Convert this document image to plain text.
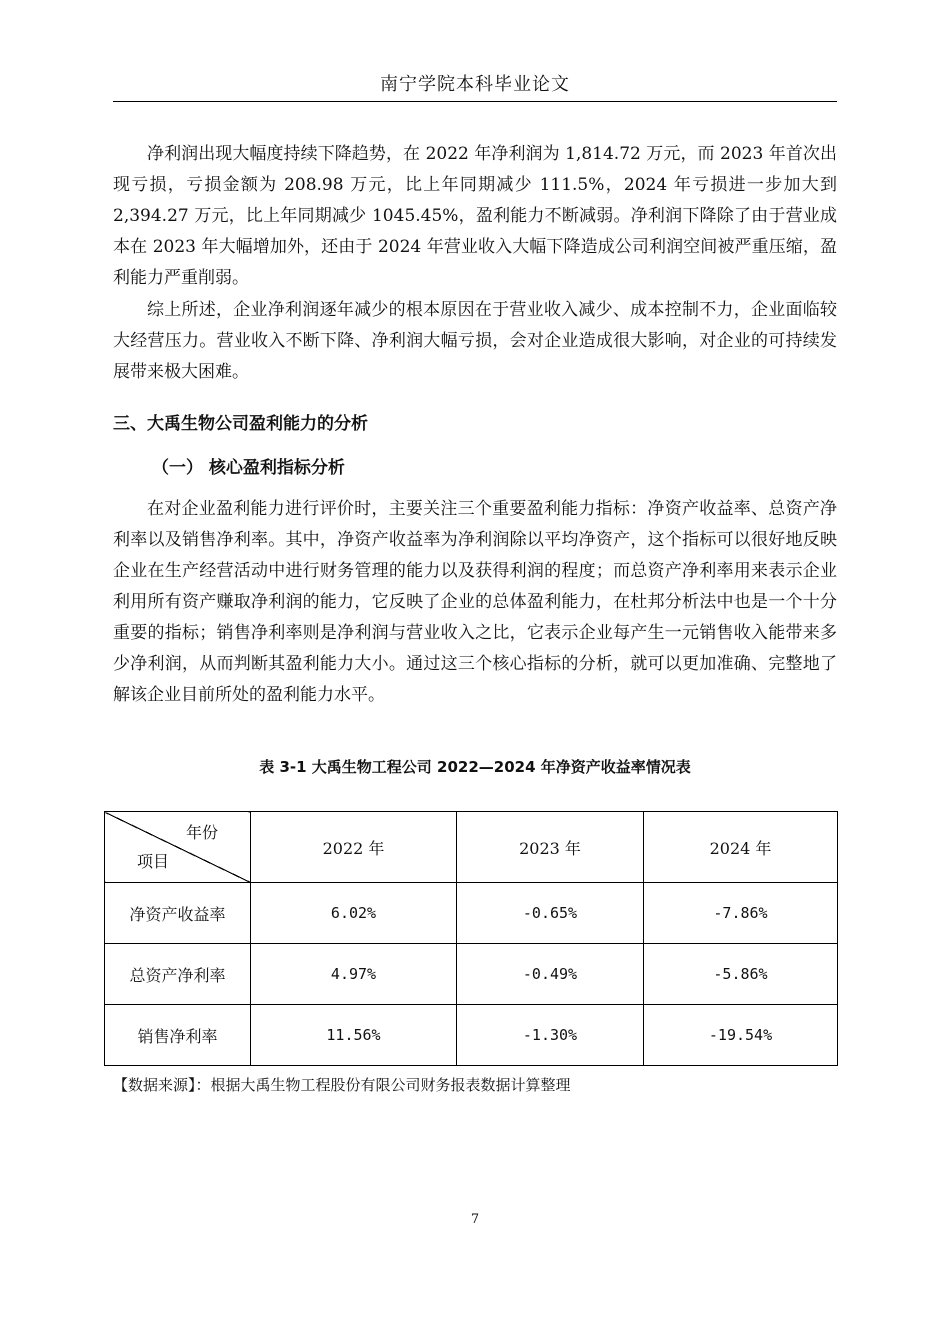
南宁学院本科毕业论文

净利润出现大幅度持续下降趋势，在 2022 年净利润为 1,814.72 万元，而 2023 年首次出现亏损，亏损金额为 208.98 万元，比上年同期减少 111.5%，2024 年亏损进一步加大到 2,394.27 万元，比上年同期减少 1045.45%，盈利能力不断减弱。净利润下降除了由于营业成本在 2023 年大幅增加外，还由于 2024 年营业收入大幅下降造成公司利润空间被严重压缩，盈利能力严重削弱。

综上所述，企业净利润逐年减少的根本原因在于营业收入减少、成本控制不力，企业面临较大经营压力。营业收入不断下降、净利润大幅亏损，会对企业造成很大影响，对企业的可持续发展带来极大困难。

三、大禹生物公司盈利能力的分析
（一） 核心盈利指标分析

在对企业盈利能力进行评价时，主要关注三个重要盈利能力指标：净资产收益率、总资产净利率以及销售净利率。其中，净资产收益率为净利润除以平均净资产，这个指标可以很好地反映企业在生产经营活动中进行财务管理的能力以及获得利润的程度；而总资产净利率用来表示企业利用所有资产赚取净利润的能力，它反映了企业的总体盈利能力，在杜邦分析法中也是一个十分重要的指标；销售净利率则是净利润与营业收入之比，它表示企业每产生一元销售收入能带来多少净利润，从而判断其盈利能力大小。通过这三个核心指标的分析，就可以更加准确、完整地了解该企业目前所处的盈利能力水平。

表 3-1 大禹生物工程公司 2022—2024 年净资产收益率情况表
年份
项目	2022 年	2023 年	2024 年
净资产收益率	6.02%	-0.65%	-7.86%
总资产净利率	4.97%	-0.49%	-5.86%
销售净利率	11.56%	-1.30%	-19.54%
【数据来源】：根据大禹生物工程股份有限公司财务报表数据计算整理
7
